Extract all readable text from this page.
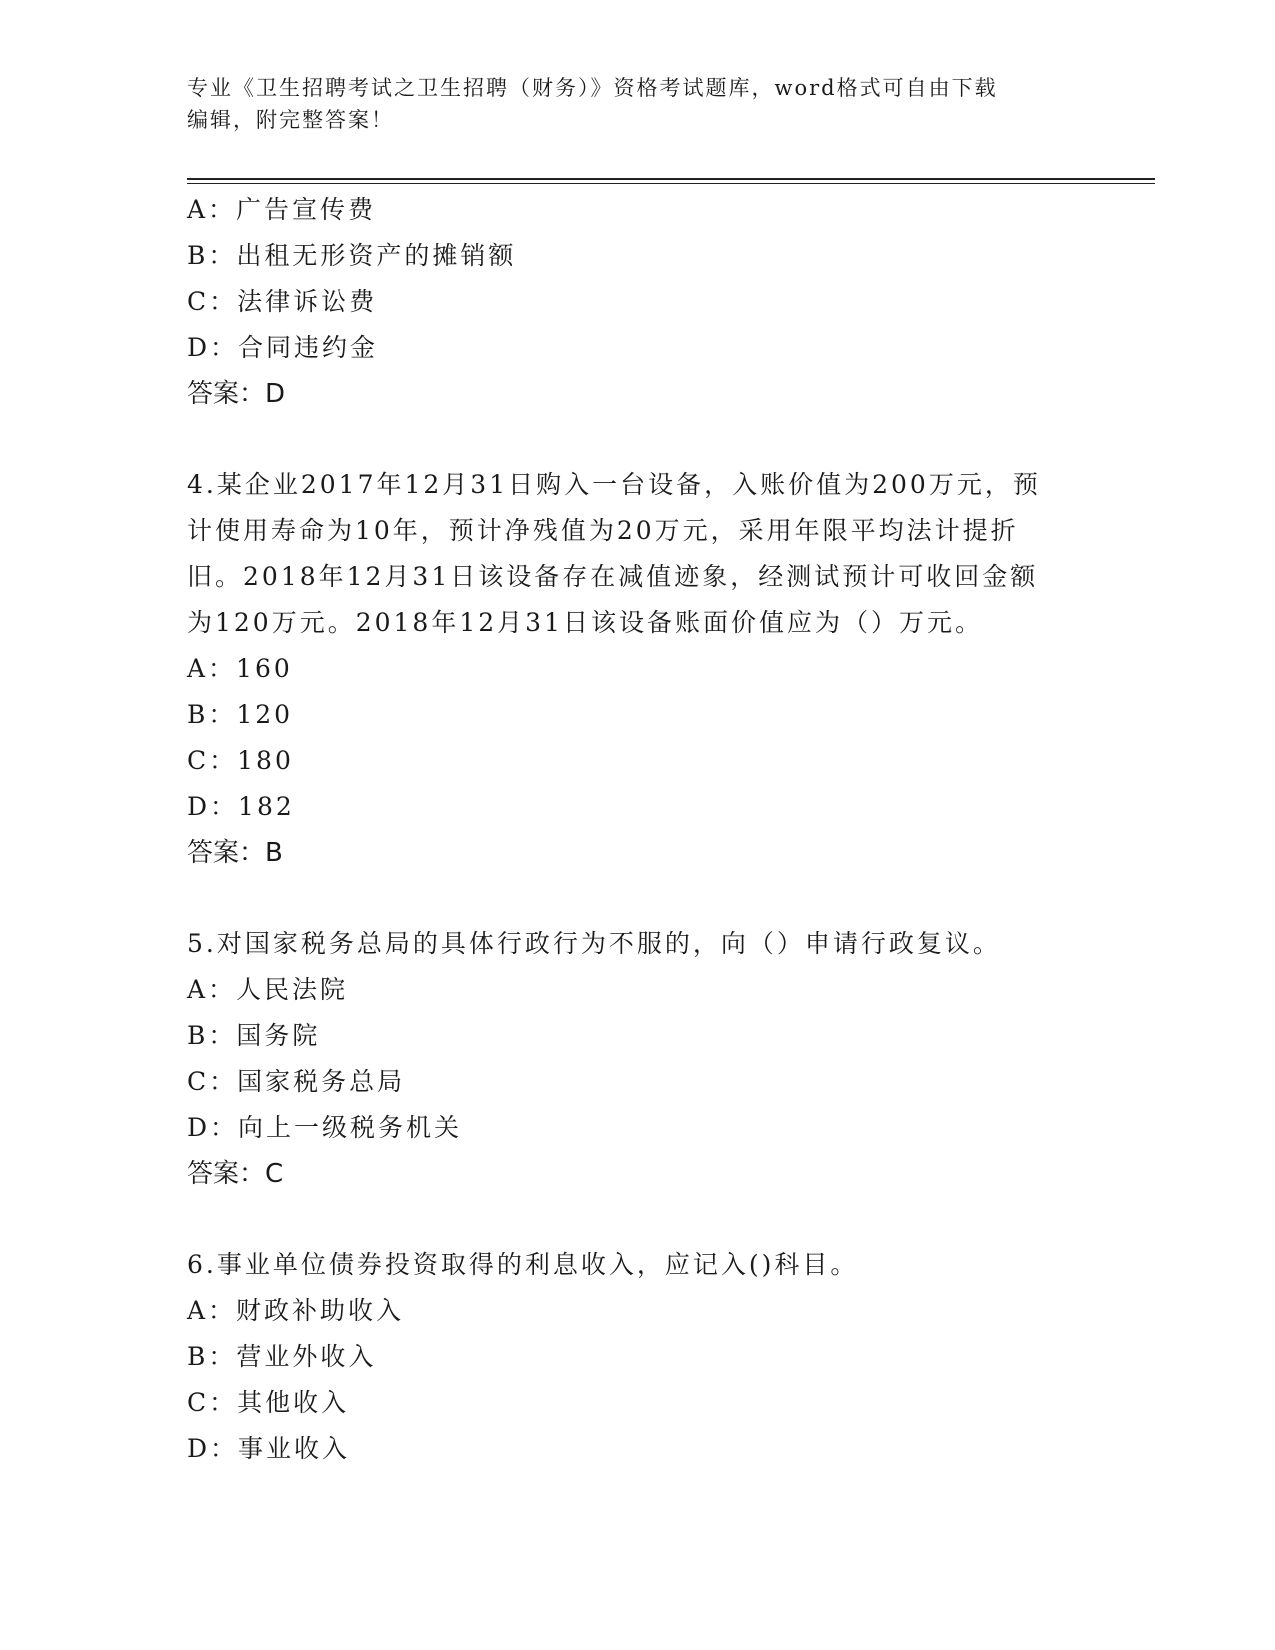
专业《卫生招聘考试之卫生招聘（财务）》资格考试题库，word格式可自由下载
编辑，附完整答案！

A：广告宣传费

B：出租无形资产的摊销额

C：法律诉讼费

D：合同违约金

答案：D

4.某企业2017年12月31日购入一台设备，入账价值为200万元，预

计使用寿命为10年，预计净残值为20万元，采用年限平均法计提折

旧。2018年12月31日该设备存在减值迹象，经测试预计可收回金额

为120万元。2018年12月31日该设备账面价值应为（）万元。

A：160

B：120

C：180

D：182

答案：B

5.对国家税务总局的具体行政行为不服的，向（）申请行政复议。

A：人民法院

B：国务院

C：国家税务总局

D：向上一级税务机关

答案：C

6.事业单位债券投资取得的利息收入，应记入()科目。

A：财政补助收入

B：营业外收入

C：其他收入

D：事业收入
